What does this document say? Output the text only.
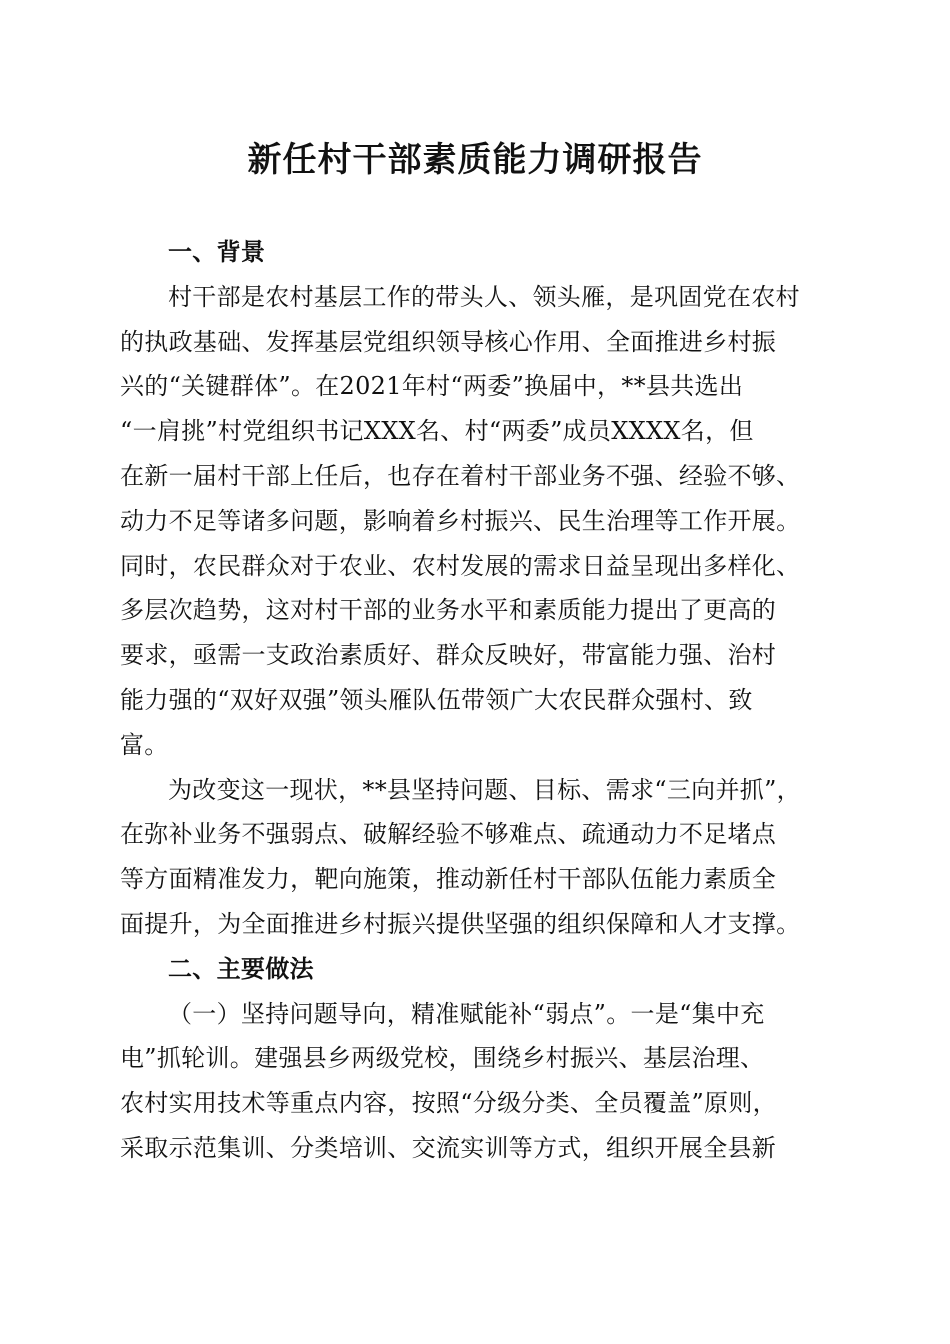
新任村干部素质能力调研报告

一、背景

村干部是农村基层工作的带头人、领头雁，是巩固党在农村
的执政基础、发挥基层党组织领导核心作用、全面推进乡村振
兴的“关键群体”。在2021年村“两委”换届中，**县共选出
“一肩挑”村党组织书记XXX名、村“两委”成员XXXX名，但
在新一届村干部上任后，也存在着村干部业务不强、经验不够、
动力不足等诸多问题，影响着乡村振兴、民生治理等工作开展。
同时，农民群众对于农业、农村发展的需求日益呈现出多样化、
多层次趋势，这对村干部的业务水平和素质能力提出了更高的
要求，亟需一支政治素质好、群众反映好，带富能力强、治村
能力强的“双好双强”领头雁队伍带领广大农民群众强村、致
富。

为改变这一现状，**县坚持问题、目标、需求“三向并抓”，
在弥补业务不强弱点、破解经验不够难点、疏通动力不足堵点
等方面精准发力，靶向施策，推动新任村干部队伍能力素质全
面提升，为全面推进乡村振兴提供坚强的组织保障和人才支撑。

二、主要做法

（一）坚持问题导向，精准赋能补“弱点”。一是“集中充
电”抓轮训。建强县乡两级党校，围绕乡村振兴、基层治理、
农村实用技术等重点内容，按照“分级分类、全员覆盖”原则，
采取示范集训、分类培训、交流实训等方式，组织开展全县新
